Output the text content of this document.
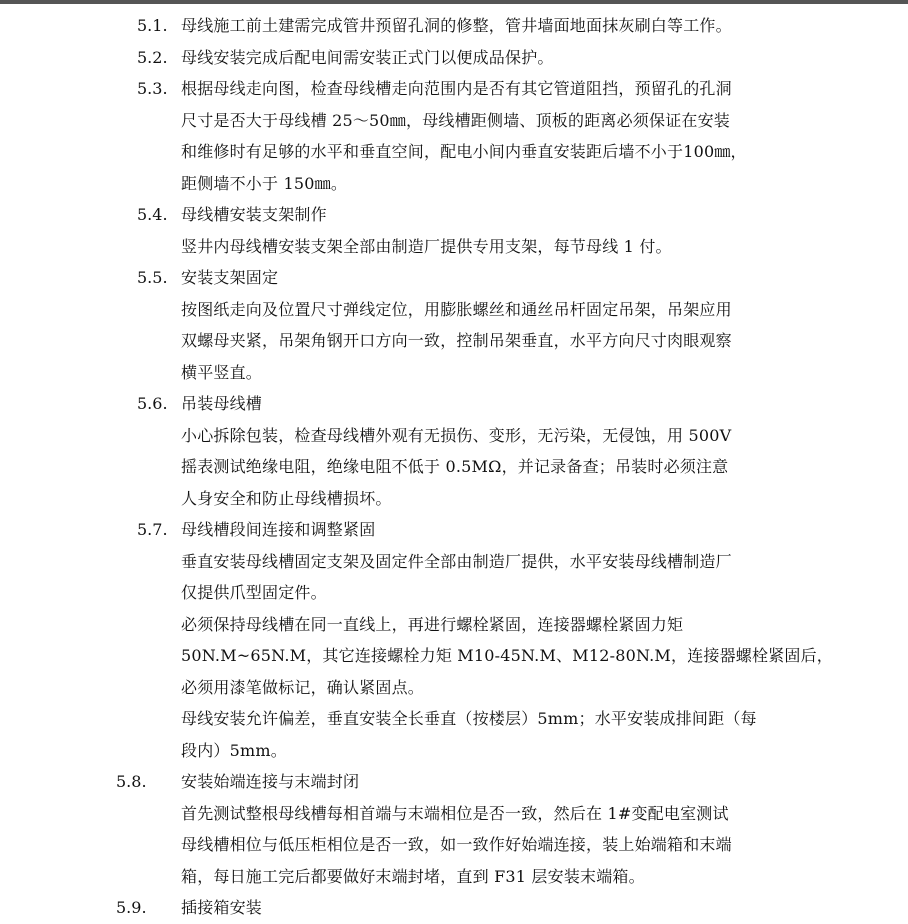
5.1. 母线施工前土建需完成管井预留孔洞的修整，管井墙面地面抹灰刷白等工作。
5.2. 母线安装完成后配电间需安装正式门以便成品保护。
5.3. 根据母线走向图，检查母线槽走向范围内是否有其它管道阻挡，预留孔的孔洞
尺寸是否大于母线槽 25～50㎜，母线槽距侧墙、顶板的距离必须保证在安装
和维修时有足够的水平和垂直空间，配电小间内垂直安装距后墙不小于100㎜，
距侧墙不小于 150㎜。
5.4. 母线槽安装支架制作
竖井内母线槽安装支架全部由制造厂提供专用支架，每节母线 1 付。
5.5. 安装支架固定
按图纸走向及位置尺寸弹线定位，用膨胀螺丝和通丝吊杆固定吊架，吊架应用
双螺母夹紧，吊架角钢开口方向一致，控制吊架垂直，水平方向尺寸肉眼观察
横平竖直。
5.6. 吊装母线槽
小心拆除包装，检查母线槽外观有无损伤、变形，无污染，无侵蚀，用 500V
摇表测试绝缘电阻，绝缘电阻不低于 0.5MΩ，并记录备查；吊装时必须注意
人身安全和防止母线槽损坏。
5.7. 母线槽段间连接和调整紧固
垂直安装母线槽固定支架及固定件全部由制造厂提供，水平安装母线槽制造厂
仅提供爪型固定件。
必须保持母线槽在同一直线上，再进行螺栓紧固，连接器螺栓紧固力矩
50N.M~65N.M，其它连接螺栓力矩 M10-45N.M、M12-80N.M，连接器螺栓紧固后，
必须用漆笔做标记，确认紧固点。
母线安装允许偏差，垂直安装全长垂直（按楼层）5mm；水平安装成排间距（每
段内）5mm。
5.8. 安装始端连接与末端封闭
首先测试整根母线槽每相首端与末端相位是否一致，然后在 1#变配电室测试
母线槽相位与低压柜相位是否一致，如一致作好始端连接，装上始端箱和末端
箱，每日施工完后都要做好末端封堵，直到 F31 层安装末端箱。
5.9. 插接箱安装
